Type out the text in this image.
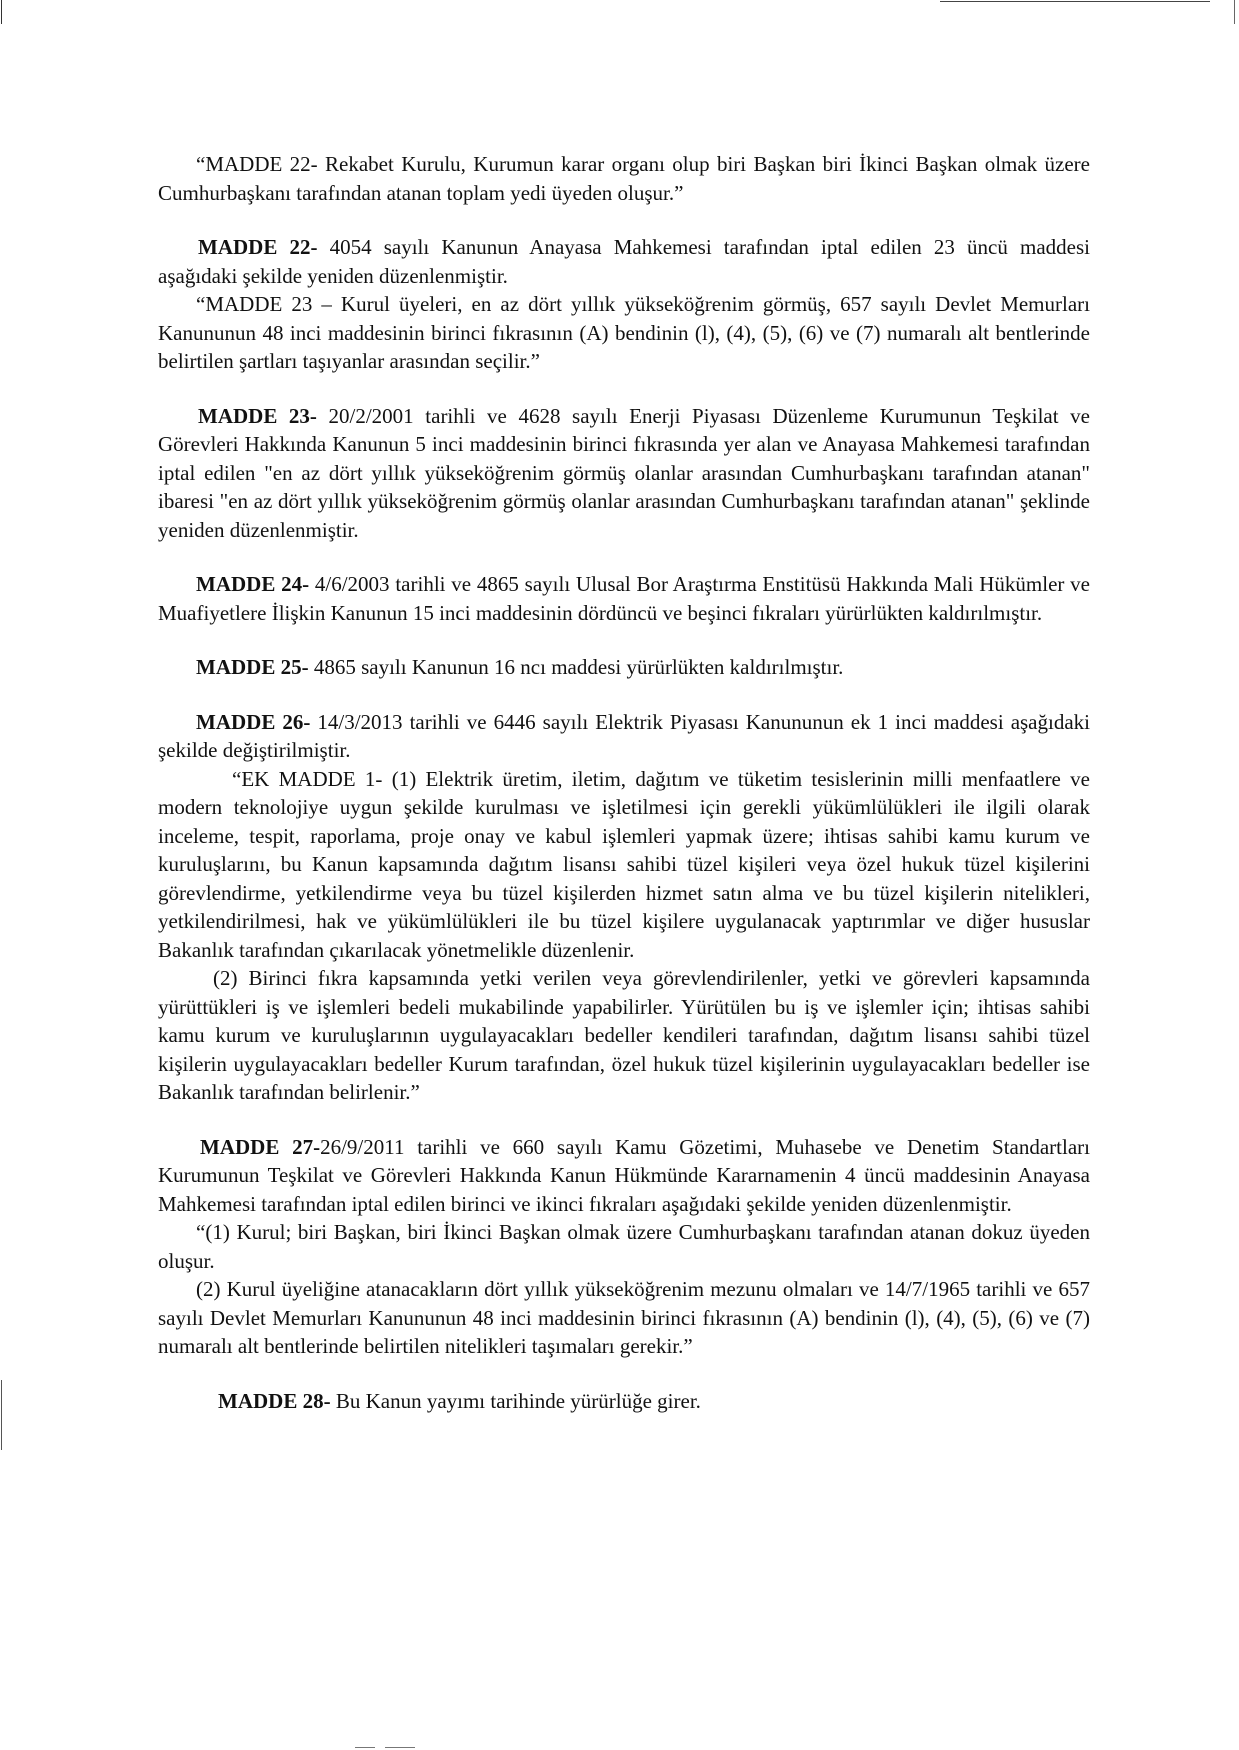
“MADDE 22- Rekabet Kurulu, Kurumun karar organı olup biri Başkan biri İkinci Başkan olmak üzere Cumhurbaşkanı tarafından atanan toplam yedi üyeden oluşur.”

MADDE 22- 4054 sayılı Kanunun Anayasa Mahkemesi tarafından iptal edilen 23 üncü maddesi aşağıdaki şekilde yeniden düzenlenmiştir.

“MADDE 23 – Kurul üyeleri, en az dört yıllık yükseköğrenim görmüş, 657 sayılı Devlet Memurları Kanununun 48 inci maddesinin birinci fıkrasının (A) bendinin (l), (4), (5), (6) ve (7) numaralı alt bentlerinde belirtilen şartları taşıyanlar arasından seçilir.”

MADDE 23- 20/2/2001 tarihli ve 4628 sayılı Enerji Piyasası Düzenleme Kurumunun Teşkilat ve Görevleri Hakkında Kanunun 5 inci maddesinin birinci fıkrasında yer alan ve Anayasa Mahkemesi tarafından iptal edilen "en az dört yıllık yükseköğrenim görmüş olanlar arasından Cumhurbaşkanı tarafından atanan" ibaresi "en az dört yıllık yükseköğrenim görmüş olanlar arasından Cumhurbaşkanı tarafından atanan" şeklinde yeniden düzenlenmiştir.

MADDE 24- 4/6/2003 tarihli ve 4865 sayılı Ulusal Bor Araştırma Enstitüsü Hakkında Mali Hükümler ve Muafiyetlere İlişkin Kanunun 15 inci maddesinin dördüncü ve beşinci fıkraları yürürlükten kaldırılmıştır.

MADDE 25- 4865 sayılı Kanunun 16 ncı maddesi yürürlükten kaldırılmıştır.

MADDE 26- 14/3/2013 tarihli ve 6446 sayılı Elektrik Piyasası Kanununun ek 1 inci maddesi aşağıdaki şekilde değiştirilmiştir.

“EK MADDE 1- (1) Elektrik üretim, iletim, dağıtım ve tüketim tesislerinin milli menfaatlere ve modern teknolojiye uygun şekilde kurulması ve işletilmesi için gerekli yükümlülükleri ile ilgili olarak inceleme, tespit, raporlama, proje onay ve kabul işlemleri yapmak üzere; ihtisas sahibi kamu kurum ve kuruluşlarını, bu Kanun kapsamında dağıtım lisansı sahibi tüzel kişileri veya özel hukuk tüzel kişilerini görevlendirme, yetkilendirme veya bu tüzel kişilerden hizmet satın alma ve bu tüzel kişilerin nitelikleri, yetkilendirilmesi, hak ve yükümlülükleri ile bu tüzel kişilere uygulanacak yaptırımlar ve diğer hususlar Bakanlık tarafından çıkarılacak yönetmelikle düzenlenir.

(2) Birinci fıkra kapsamında yetki verilen veya görevlendirilenler, yetki ve görevleri kapsamında yürüttükleri iş ve işlemleri bedeli mukabilinde yapabilirler. Yürütülen bu iş ve işlemler için; ihtisas sahibi kamu kurum ve kuruluşlarının uygulayacakları bedeller kendileri tarafından, dağıtım lisansı sahibi tüzel kişilerin uygulayacakları bedeller Kurum tarafından, özel hukuk tüzel kişilerinin uygulayacakları bedeller ise Bakanlık tarafından belirlenir.”

MADDE 27-26/9/2011 tarihli ve 660 sayılı Kamu Gözetimi, Muhasebe ve Denetim Standartları Kurumunun Teşkilat ve Görevleri Hakkında Kanun Hükmünde Kararnamenin 4 üncü maddesinin Anayasa Mahkemesi tarafından iptal edilen birinci ve ikinci fıkraları aşağıdaki şekilde yeniden düzenlenmiştir.

“(1) Kurul; biri Başkan, biri İkinci Başkan olmak üzere Cumhurbaşkanı tarafından atanan dokuz üyeden oluşur.

(2) Kurul üyeliğine atanacakların dört yıllık yükseköğrenim mezunu olmaları ve 14/7/1965 tarihli ve 657 sayılı Devlet Memurları Kanununun 48 inci maddesinin birinci fıkrasının (A) bendinin (l), (4), (5), (6) ve (7) numaralı alt bentlerinde belirtilen nitelikleri taşımaları gerekir.”

MADDE 28- Bu Kanun yayımı tarihinde yürürlüğe girer.
